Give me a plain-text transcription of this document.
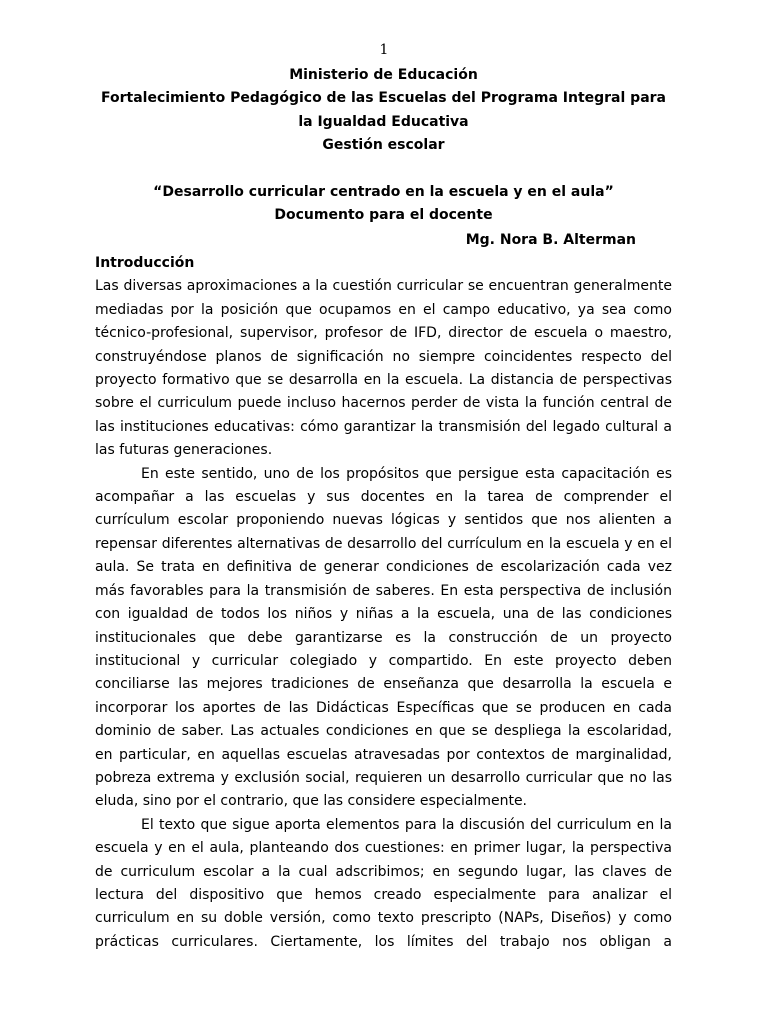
1
Ministerio de Educación
Fortalecimiento Pedagógico de las Escuelas del Programa Integral para la Igualdad Educativa
Gestión escolar
“Desarrollo curricular centrado en la escuela y en el aula”
Documento para el docente
Mg. Nora B. Alterman
Introducción

Las diversas aproximaciones a la cuestión curricular se encuentran generalmente mediadas por la posición que ocupamos en el campo educativo, ya sea como técnico-profesional, supervisor, profesor de IFD, director de escuela o maestro, construyéndose planos de significación no siempre coincidentes respecto del proyecto formativo que se desarrolla en la escuela. La distancia de perspectivas sobre el curriculum puede incluso hacernos perder de vista la función central de las instituciones educativas: cómo garantizar la transmisión del legado cultural a las futuras generaciones.

En este sentido, uno de los propósitos que persigue esta capacitación es acompañar a las escuelas y sus docentes en la tarea de comprender el currículum escolar proponiendo nuevas lógicas y sentidos que nos alienten a repensar diferentes alternativas de desarrollo del currículum en la escuela y en el aula. Se trata en definitiva de generar condiciones de escolarización cada vez más favorables para la transmisión de saberes. En esta perspectiva de inclusión con igualdad de todos los niños y niñas a la escuela, una de las condiciones institucionales que debe garantizarse es la construcción de un proyecto institucional y curricular colegiado y compartido. En este proyecto deben conciliarse las mejores tradiciones de enseñanza que desarrolla la escuela e incorporar los aportes de las Didácticas Específicas que se producen en cada dominio de saber. Las actuales condiciones en que se despliega la escolaridad, en particular, en aquellas escuelas atravesadas por contextos de marginalidad, pobreza extrema y exclusión social, requieren un desarrollo curricular que no las eluda, sino por el contrario, que las considere especialmente.

El texto que sigue aporta elementos para la discusión del curriculum en la escuela y en el aula, planteando dos cuestiones: en primer lugar, la perspectiva de curriculum escolar a la cual adscribimos; en segundo lugar, las claves de lectura del dispositivo que hemos creado especialmente para analizar el curriculum en su doble versión, como texto prescripto (NAPs, Diseños) y como prácticas curriculares. Ciertamente, los límites del trabajo nos obligan a
